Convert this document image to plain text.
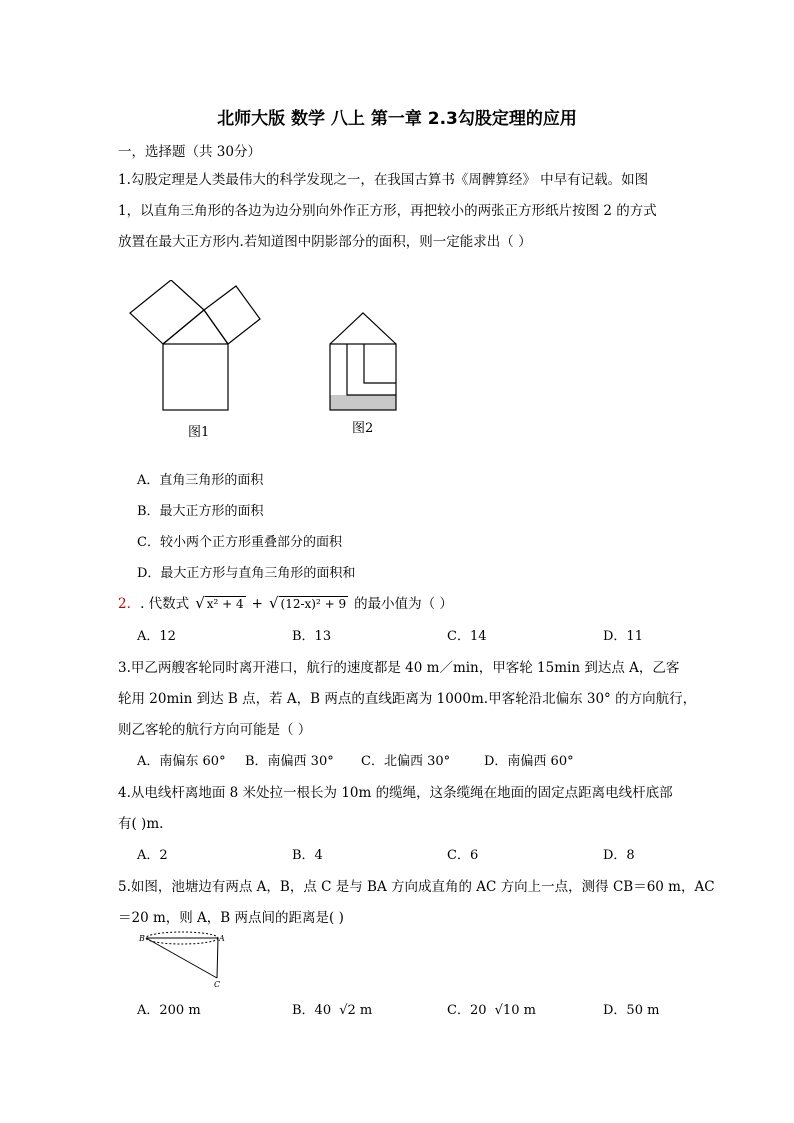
北师大版 数学 八上 第一章 2.3勾股定理的应用
一，选择题（共 30分）
1.勾股定理是人类最伟大的科学发现之一，在我国古算书《周髀算经》 中早有记载。如图
1，以直角三角形的各边为边分别向外作正方形，再把较小的两张正方形纸片按图 2 的方式
放置在最大正方形内.若知道图中阴影部分的面积，则一定能求出（ ）
图1	图2
A．直角三角形的面积
B．最大正方形的面积
C．较小两个正方形重叠部分的面积
D．最大正方形与直角三角形的面积和
2． . 代数式 √ x² + 4 + √ (12-x)² + 9 的最小值为（ ）
A．12	B．13	C．14	D．11
3.甲乙两艘客轮同时离开港口，航行的速度都是 40 m／min，甲客轮 15min 到达点 A，乙客
轮用 20min 到达 B 点，若 A，B 两点的直线距离为 1000m.甲客轮沿北偏东 30° 的方向航行，
则乙客轮的航行方向可能是（ ）
A．南偏东 60° B．南偏西 30° C．北偏西 30°	D．南偏西 60°
4.从电线杆离地面 8 米处拉一根长为 10m 的缆绳，这条缆绳在地面的固定点距离电线杆底部
有( )m.
A．2	B．4	C．6	D．8
5.如图，池塘边有两点 A，B，点 C 是与 BA 方向成直角的 AC 方向上一点，测得 CB＝60 m，AC
＝20 m，则 A，B 两点间的距离是( )
B	A
C
A．200 m	B．40 √2 m	C．20 √10 m	D．50 m
